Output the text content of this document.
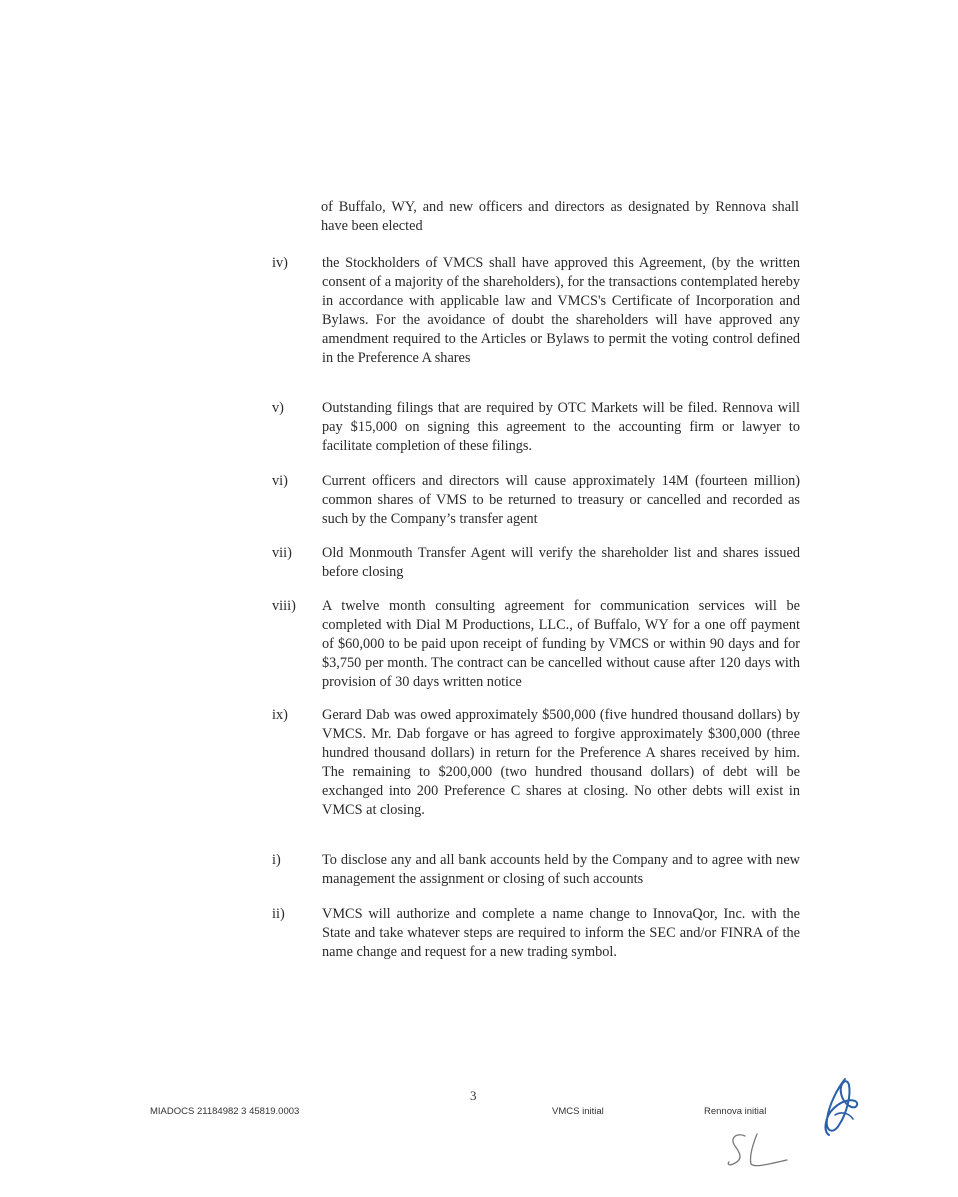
of Buffalo, WY, and new officers and directors as designated by Rennova shall have been elected

iv) the Stockholders of VMCS shall have approved this Agreement, (by the written consent of a majority of the shareholders), for the transactions contemplated hereby in accordance with applicable law and VMCS's Certificate of Incorporation and Bylaws. For the avoidance of doubt the shareholders will have approved any amendment required to the Articles or Bylaws to permit the voting control defined in the Preference A shares

v)	Outstanding filings that are required by OTC Markets will be filed. Rennova will pay $15,000 on signing this agreement to the accounting firm or lawyer to facilitate completion of these filings.

vi) Current officers and directors will cause approximately 14M (fourteen million) common shares of VMS to be returned to treasury or cancelled and recorded as such by the Company’s transfer agent

vii) Old Monmouth Transfer Agent will verify the shareholder list and shares issued before closing

viii) A twelve month consulting agreement for communication services will be completed with Dial M Productions, LLC., of Buffalo, WY for a one off payment of $60,000 to be paid upon receipt of funding by VMCS or within 90 days and for $3,750 per month. The contract can be cancelled without cause after 120 days with provision of 30 days written notice

ix) Gerard Dab was owed approximately $500,000 (five hundred thousand dollars) by VMCS. Mr. Dab forgave or has agreed to forgive approximately $300,000 (three hundred thousand dollars) in return for the Preference A shares received by him. The remaining to $200,000 (two hundred thousand dollars) of debt will be exchanged into 200 Preference C shares at closing. No other debts will exist in VMCS at closing.

i)	To disclose any and all bank accounts held by the Company and to agree with new management the assignment or closing of such accounts

ii)	VMCS will authorize and complete a name change to InnovaQor, Inc. with the State and take whatever steps are required to inform the SEC and/or FINRA of the name change and request for a new trading symbol.

MIADOCS 21184982 3 45819.0003
3
VMCS initial	Rennova initial
